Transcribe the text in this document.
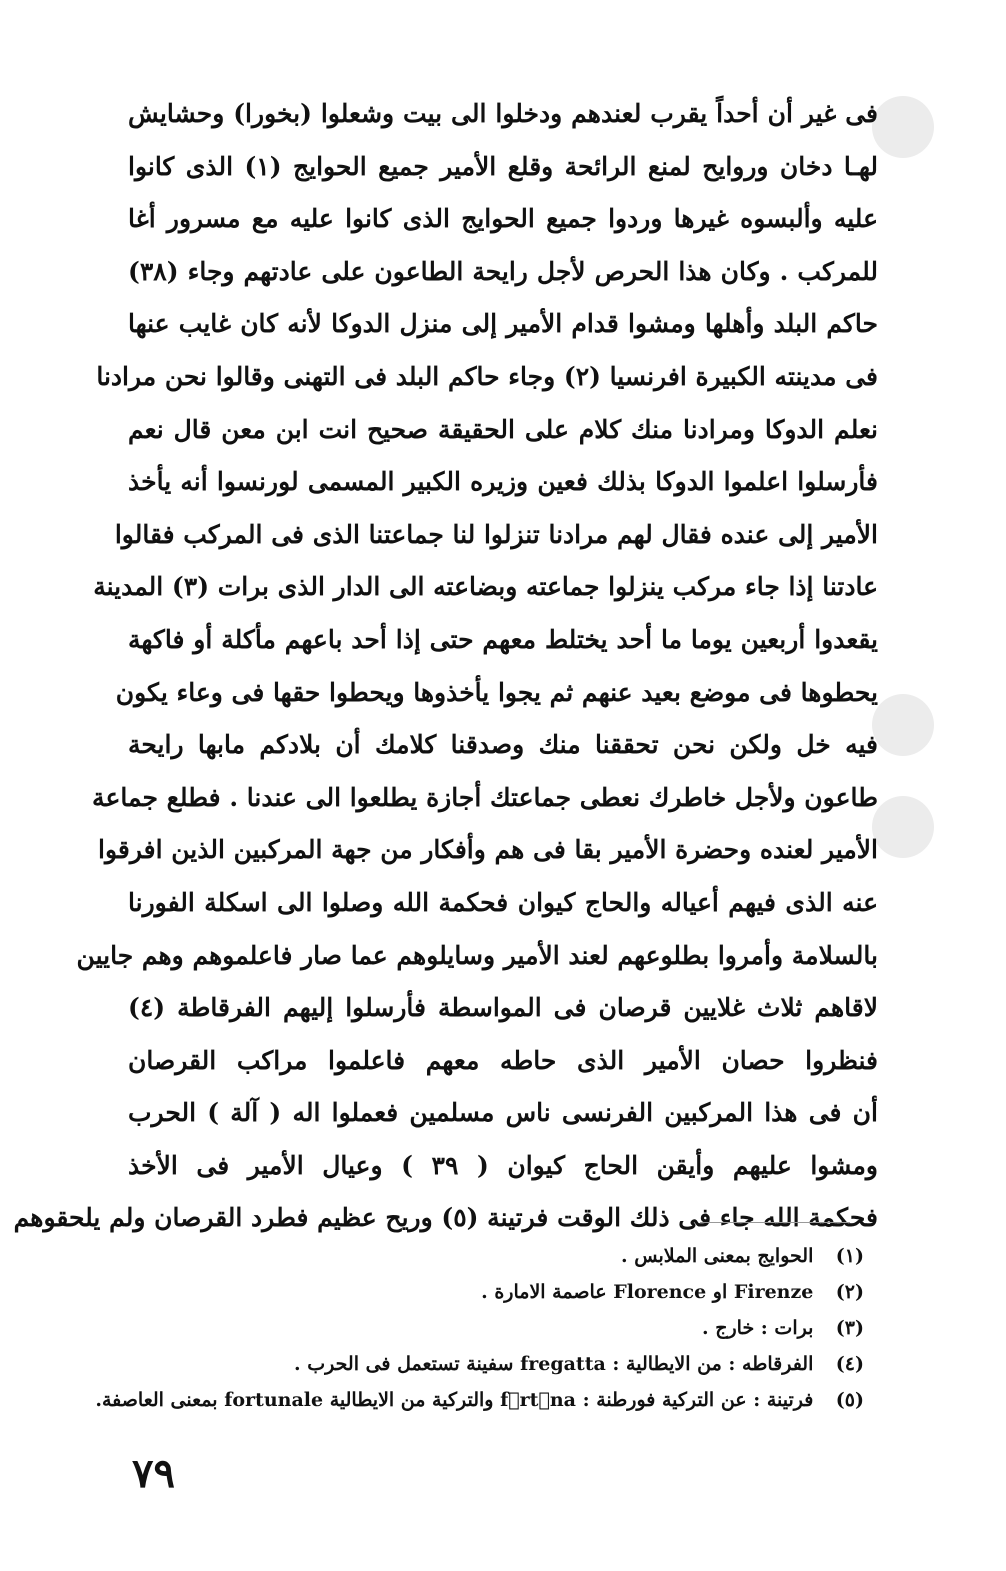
فى غير أن أحداً يقرب لعندهم ودخلوا الى بيت وشعلوا (بخورا) وحشايش
لهـا دخان وروايح لمنع الرائحة وقلع الأمير جميع الحوايج (١) الذى كانوا
عليه وألبسوه غيرها وردوا جميع الحوايج الذى كانوا عليه مع مسرور أغا
للمركب . وكان هذا الحرص لأجل رايحة الطاعون على عادتهم وجاء (٣٨)
حاكم البلد وأهلها ومشوا قدام الأمير إلى منزل الدوكا لأنه كان غايب عنها
فى مدينته الكبيرة افرنسيا (٢) وجاء حاكم البلد فى التهنى وقالوا نحن مرادنا
نعلم الدوكا ومرادنا منك كلام على الحقيقة صحيح انت ابن معن قال نعم
فأرسلوا اعلموا الدوكا بذلك فعين وزيره الكبير المسمى لورنسوا أنه يأخذ
الأمير إلى عنده فقال لهم مرادنا تنزلوا لنا جماعتنا الذى فى المركب فقالوا
عادتنا إذا جاء مركب ينزلوا جماعته وبضاعته الى الدار الذى برات (٣) المدينة
يقعدوا أربعين يوما ما أحد يختلط معهم حتى إذا أحد باعهم مأكلة أو فاكهة
يحطوها فى موضع بعيد عنهم ثم يجوا يأخذوها ويحطوا حقها فى وعاء يكون
فيه خل ولكن نحن تحققنا منك وصدقنا كلامك أن بلادكم مابها رايحة
طاعون ولأجل خاطرك نعطى جماعتك أجازة يطلعوا الى عندنا . فطلع جماعة
الأمير لعنده وحضرة الأمير بقا فى هم وأفكار من جهة المركبين الذين افرقوا
عنه الذى فيهم أعياله والحاج كيوان فحكمة الله وصلوا الى اسكلة الفورنا
بالسلامة وأمروا بطلوعهم لعند الأمير وسايلوهم عما صار فاعلموهم وهم جايين
لاقاهم ثلاث غلايين قرصان فى المواسطة فأرسلوا إليهم الفرقاطة (٤)
فنظروا حصان الأمير الذى حاطه معهم فاعلموا مراكب القرصان
أن فى هذا المركبين الفرنسى ناس مسلمين فعملوا اله ( آلة ) الحرب
ومشوا عليهم وأيقن الحاج كيوان ( ٣٩ ) وعيال الأمير فى الأخذ
فحكمة الله جاء فى ذلك الوقت فرتينة (٥) وريح عظيم فطرد القرصان ولم يلحقوهم
(١) الحوايج بمعنى الملابس .
(٢) Firenze او Florence عاصمة الامارة .
(٣) برات : خارج .
(٤) الفرقاطه : من الايطالية : fregatta سفينة تستعمل فى الحرب .
(٥) فرتينة : عن التركية فورطنة : fٓrtٓna والتركية من الايطالية fortunale بمعنى العاصفة.
٧٩
